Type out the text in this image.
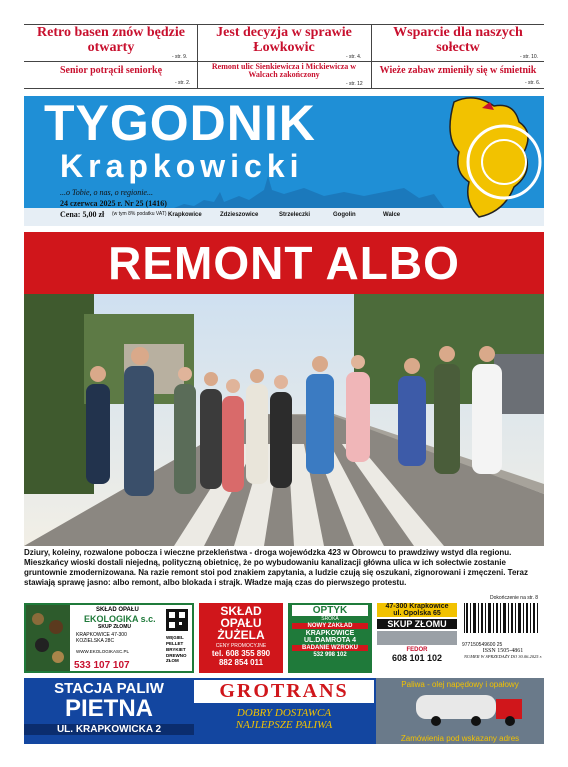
Retro basen znów będzie otwarty
- str. 9.
Jest decyzja w sprawie Łowkowic
- str. 4.
Wsparcie dla naszych sołectw
- str. 10.
Senior potrącił seniorkę
- str. 2.
Remont ulic Sienkiewicza i Mickiewicza w Walcach zakończony
- str. 12
Wieże zabaw zmieniły się w śmietnik
- str. 6.
TYGODNIK
Krapkowicki
...o Tobie, o nas, o regionie...
24 czerwca 2025 r. Nr 25 (1416)
Cena: 5,00 zł (w tym 8% podatku VAT) Krapkowice	Zdzieszowice	Strzeleczki	Gogolin	Walce
REMONT ALBO
Dziury, koleiny, rozwalone pobocza i wieczne przekleństwa - droga wojewódzka 423 w Obrowcu to prawdziwy wstyd dla regionu. Mieszkańcy wioski dostali niejedną, polityczną obietnicę, że po wybudowaniu kanalizacji główna ulica w ich sołectwie zostanie gruntownie zmodernizowana. Na razie remont stoi pod znakiem zapytania, a ludzie czują się oszukani, zignorowani i zmęczeni. Teraz stawiają sprawę jasno: albo remont, albo blokada i strajk. Władze mają czas do pierwszego protestu.
Dokończenie na str. 8
SKŁAD OPAŁU
EKOLOGIKA s.c.
SKUP ZŁOMU
KRAPKOWICE 47-300
KOZIELSKA 28C
WWW.EKOLOGIKASC.PL
533 107 107
WĘGIEL
PELLET
BRYKIET
DREWNO
ZŁOM
SKŁAD
OPAŁU
ŻUŻELA
CENY PROMOCYJNE
tel. 608 355 890
882 854 011
OPTYK
SROKA
NOWY ZAKŁAD
KRAPKOWICE
UL.DAMROTA 4
BADANIE WZROKU
532 998 102
47-300 Krapkowice
ul. Opolska 65
SKUP ZŁOMU
FEDOR
608 101 102
977150549600 25
ISSN 1505-4861
NUMER W SPRZEDAŻY DO 30.06.2025 r.
STACJA PALIW
PIETNA
UL. KRAPKOWICKA 2
GROTRANS
DOBRY DOSTAWCA
NAJLEPSZE PALIWA
Paliwa - olej napędowy i opałowy
Zamówienia pod wskazany adres
